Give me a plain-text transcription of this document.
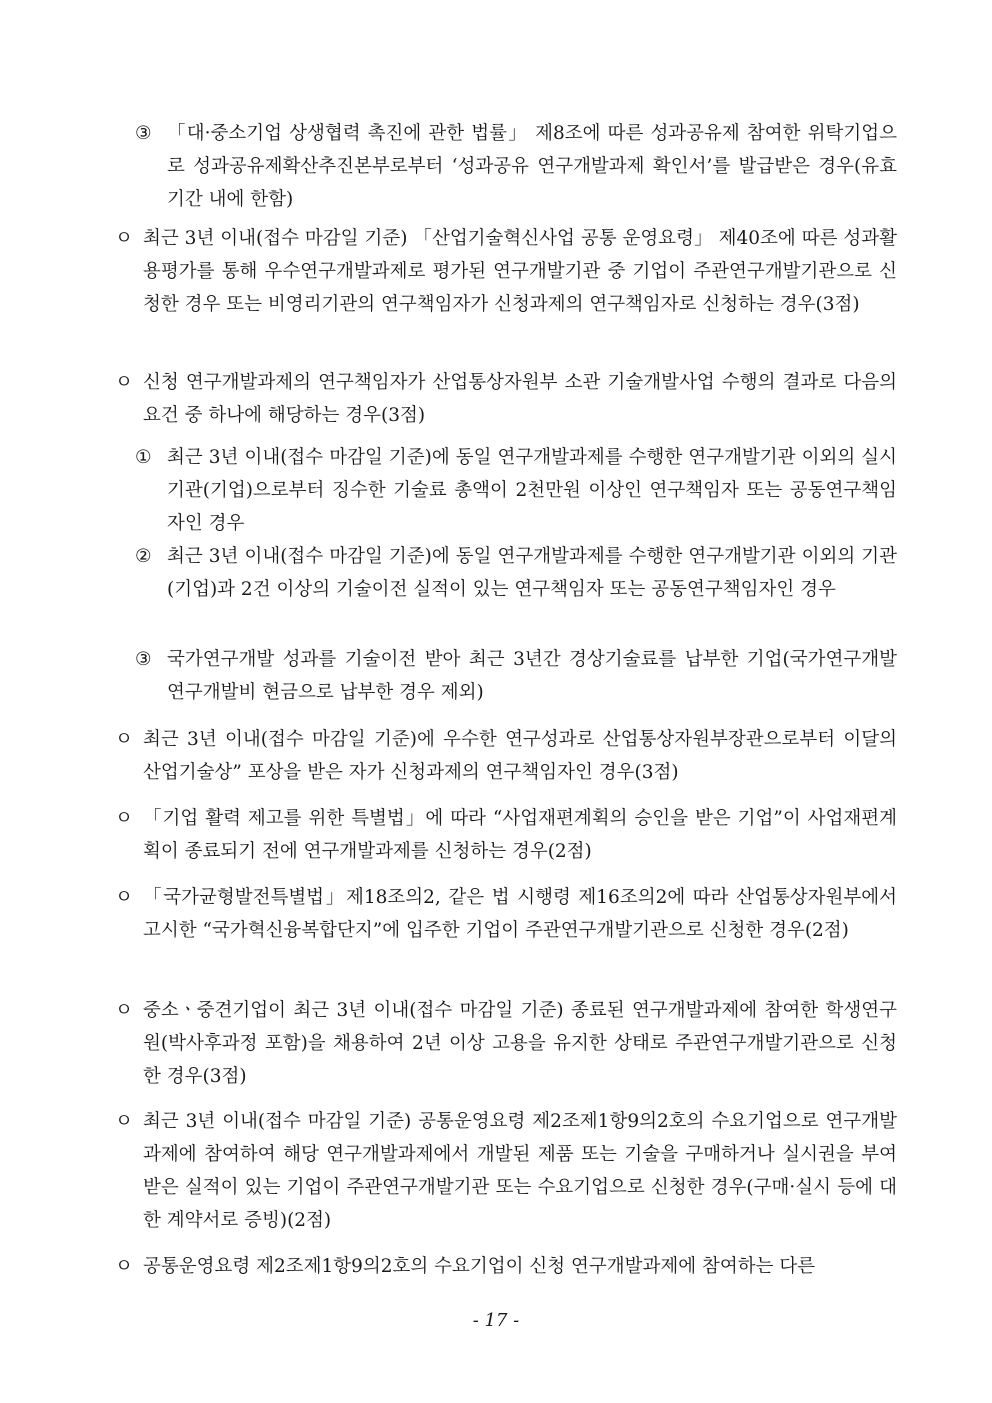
③ 「대·중소기업 상생협력 촉진에 관한 법률」 제8조에 따른 성과공유제 참여한 위탁기업으로 성과공유제확산추진본부로부터 ‘성과공유 연구개발과제 확인서’를 발급받은 경우(유효기간 내에 한함)
ㅇ 최근 3년 이내(접수 마감일 기준) 「산업기술혁신사업 공통 운영요령」 제40조에 따른 성과활용평가를 통해 우수연구개발과제로 평가된 연구개발기관 중 기업이 주관연구개발기관으로 신청한 경우 또는 비영리기관의 연구책임자가 신청과제의 연구책임자로 신청하는 경우(3점)
ㅇ 신청 연구개발과제의 연구책임자가 산업통상자원부 소관 기술개발사업 수행의 결과로 다음의 요건 중 하나에 해당하는 경우(3점)
① 최근 3년 이내(접수 마감일 기준)에 동일 연구개발과제를 수행한 연구개발기관 이외의 실시기관(기업)으로부터 징수한 기술료 총액이 2천만원 이상인 연구책임자 또는 공동연구책임자인 경우
② 최근 3년 이내(접수 마감일 기준)에 동일 연구개발과제를 수행한 연구개발기관 이외의 기관(기업)과 2건 이상의 기술이전 실적이 있는 연구책임자 또는 공동연구책임자인 경우
③ 국가연구개발 성과를 기술이전 받아 최근 3년간 경상기술료를 납부한 기업(국가연구개발 연구개발비 현금으로 납부한 경우 제외)
ㅇ 최근 3년 이내(접수 마감일 기준)에 우수한 연구성과로 산업통상자원부장관으로부터 이달의 산업기술상” 포상을 받은 자가 신청과제의 연구책임자인 경우(3점)
ㅇ 「기업 활력 제고를 위한 특별법」에 따라 “사업재편계획의 승인을 받은 기업”이 사업재편계획이 종료되기 전에 연구개발과제를 신청하는 경우(2점)
ㅇ 「국가균형발전특별법」제18조의2, 같은 법 시행령 제16조의2에 따라 산업통상자원부에서 고시한 “국가혁신융복합단지”에 입주한 기업이 주관연구개발기관으로 신청한 경우(2점)
ㅇ 중소ㆍ중견기업이 최근 3년 이내(접수 마감일 기준) 종료된 연구개발과제에 참여한 학생연구원(박사후과정 포함)을 채용하여 2년 이상 고용을 유지한 상태로 주관연구개발기관으로 신청한 경우(3점)
ㅇ 최근 3년 이내(접수 마감일 기준) 공통운영요령 제2조제1항9의2호의 수요기업으로 연구개발과제에 참여하여 해당 연구개발과제에서 개발된 제품 또는 기술을 구매하거나 실시권을 부여 받은 실적이 있는 기업이 주관연구개발기관 또는 수요기업으로 신청한 경우(구매·실시 등에 대한 계약서로 증빙)(2점)
ㅇ 공통운영요령 제2조제1항9의2호의 수요기업이 신청 연구개발과제에 참여하는 다른
- 17 -
